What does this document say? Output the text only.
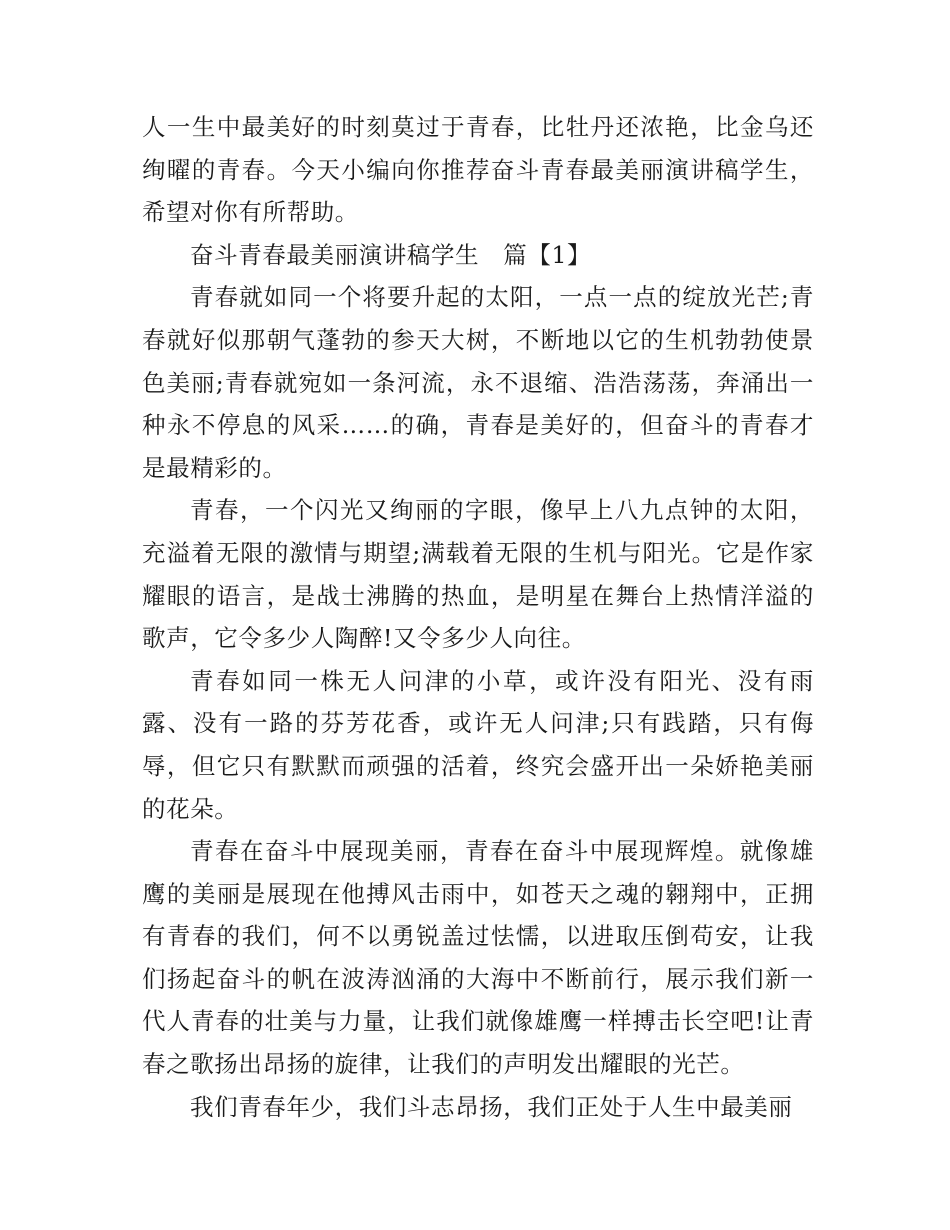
人一生中最美好的时刻莫过于青春，比牡丹还浓艳，比金乌还绚曜的青春。今天小编向你推荐奋斗青春最美丽演讲稿学生，希望对你有所帮助。

奋斗青春最美丽演讲稿学生　篇【1】

青春就如同一个将要升起的太阳，一点一点的绽放光芒;青春就好似那朝气蓬勃的参天大树，不断地以它的生机勃勃使景色美丽;青春就宛如一条河流，永不退缩、浩浩荡荡，奔涌出一种永不停息的风采……的确，青春是美好的，但奋斗的青春才是最精彩的。

青春，一个闪光又绚丽的字眼，像早上八九点钟的太阳，充溢着无限的激情与期望;满载着无限的生机与阳光。它是作家耀眼的语言，是战士沸腾的热血，是明星在舞台上热情洋溢的歌声，它令多少人陶醉!又令多少人向往。

青春如同一株无人问津的小草，或许没有阳光、没有雨露、没有一路的芬芳花香，或许无人问津;只有践踏，只有侮辱，但它只有默默而顽强的活着，终究会盛开出一朵娇艳美丽的花朵。

青春在奋斗中展现美丽，青春在奋斗中展现辉煌。就像雄鹰的美丽是展现在他搏风击雨中，如苍天之魂的翱翔中，正拥有青春的我们，何不以勇锐盖过怯懦，以进取压倒苟安，让我们扬起奋斗的帆在波涛汹涌的大海中不断前行，展示我们新一代人青春的壮美与力量，让我们就像雄鹰一样搏击长空吧!让青春之歌扬出昂扬的旋律，让我们的声明发出耀眼的光芒。

我们青春年少，我们斗志昂扬，我们正处于人生中最美丽
